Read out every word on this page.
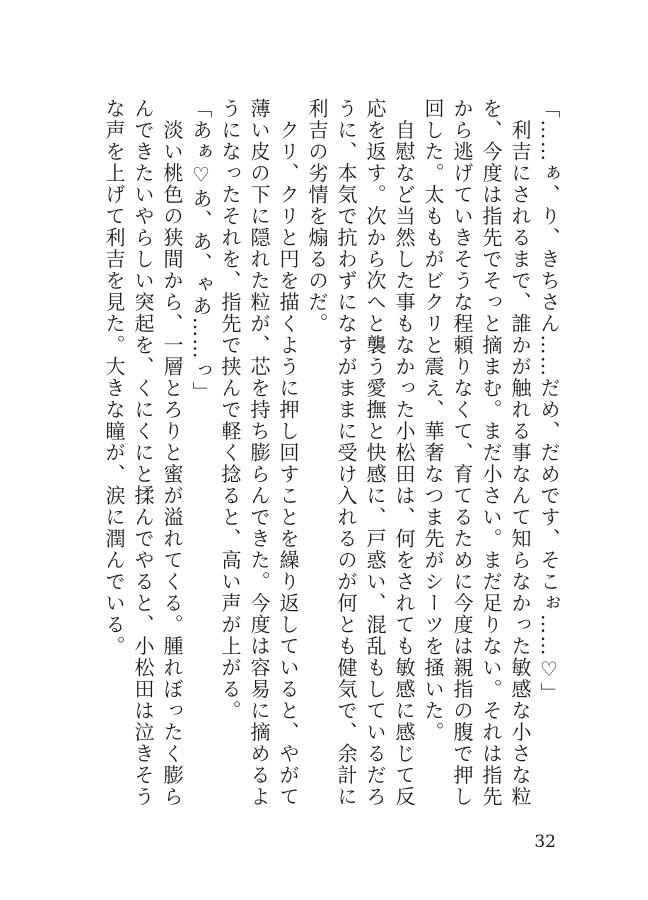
「……ぁ、り、きちさん……だめ、だめです、そこぉ……♡」

　利吉にされるまで、誰かが触れる事なんて知らなかった敏感な小さな粒を、今度は指先でそっと摘まむ。まだ小さい。まだ足りない。それは指先から逃げていきそうな程頼りなくて、育てるために今度は親指の腹で押し回した。太ももがビクリと震え、華奢なつま先がシーツを掻いた。

　自慰など当然した事もなかった小松田は、何をされても敏感に感じて反応を返す。次から次へと襲う愛撫と快感に、戸惑い、混乱もしているだろうに、本気で抗わずになすがままに受け入れるのが何とも健気で、余計に利吉の劣情を煽るのだ。

　クリ、クリと円を描くように押し回すことを繰り返していると、やがて薄い皮の下に隠れた粒が、芯を持ち膨らんできた。今度は容易に摘めるようになったそれを、指先で挟んで軽く捻ると、高い声が上がる。

「あぁ♡あ、あ、ゃあ……っ」

　淡い桃色の狭間から、一層とろりと蜜が溢れてくる。腫れぼったく膨らんできたいやらしい突起を、くにくにと揉んでやると、小松田は泣きそうな声を上げて利吉を見た。大きな瞳が、涙に潤んでいる。

32
